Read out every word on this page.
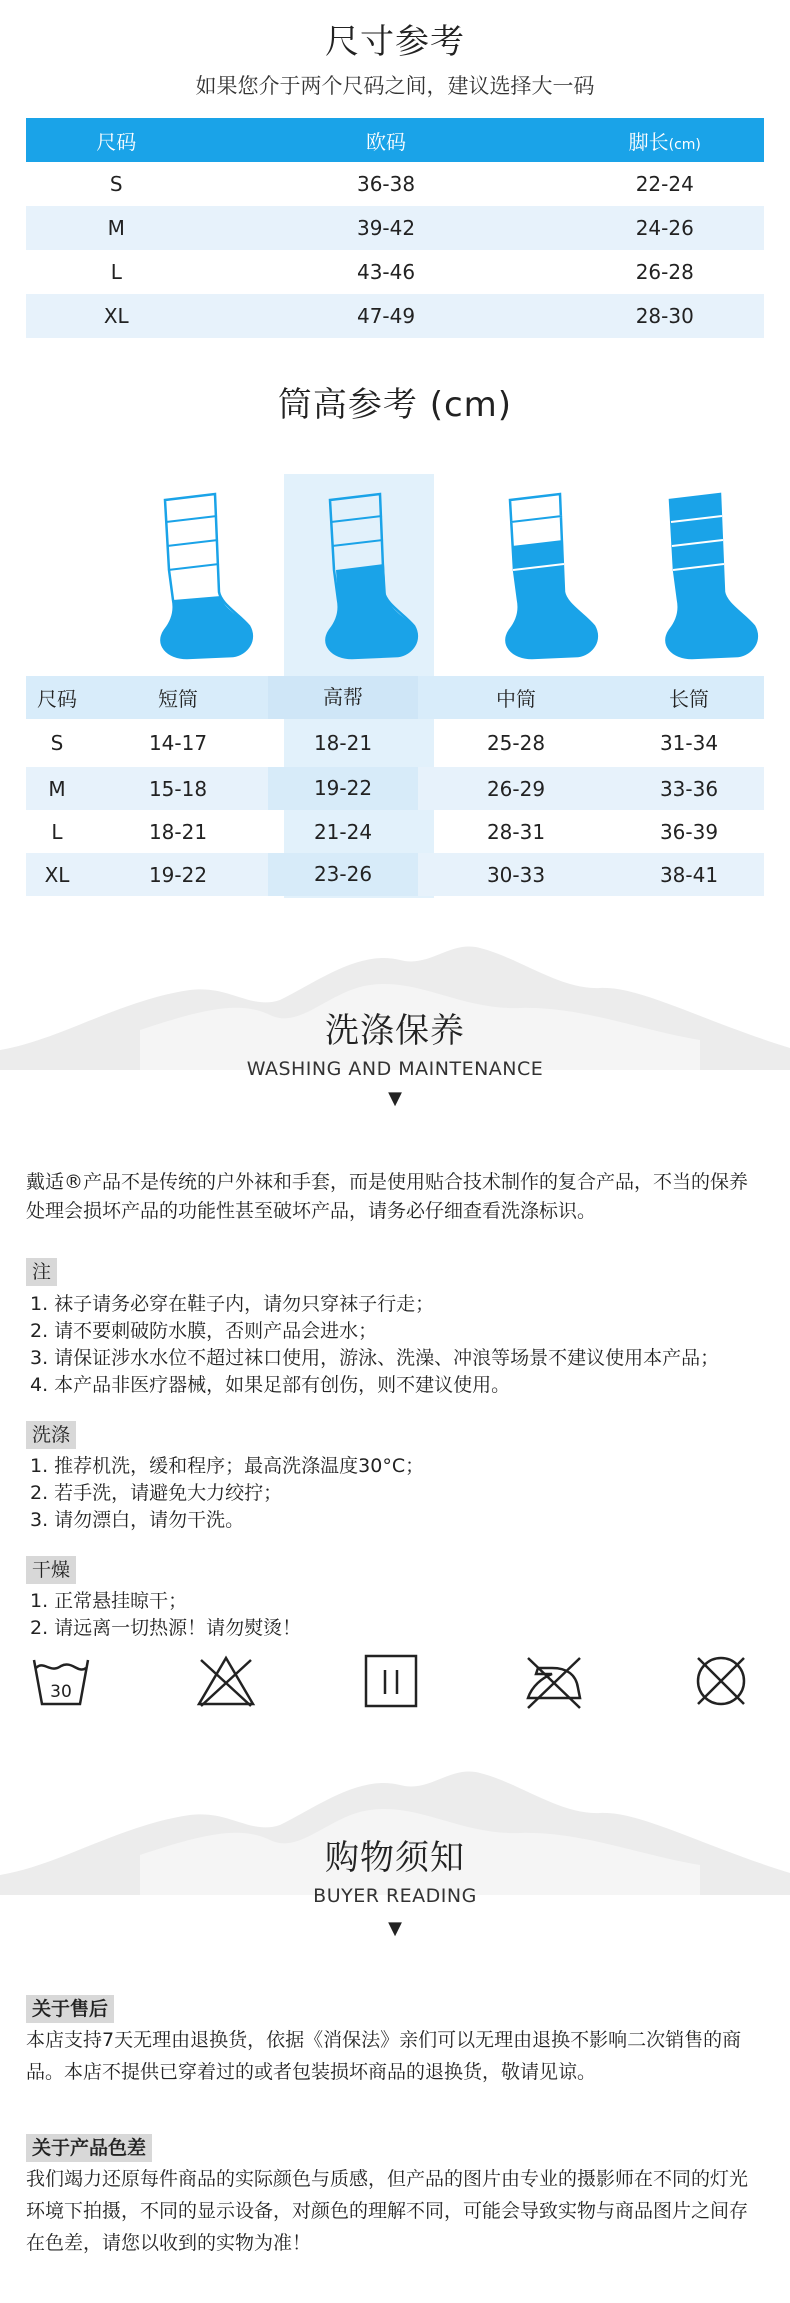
尺寸参考
如果您介于两个尺码之间，建议选择大一码
尺码	欧码	脚长(cm)
S	36-38	22-24
M	39-42	24-26
L	43-46	26-28
XL	47-49	28-30
筒高参考 (cm)
尺码	短筒	高帮	中筒	长筒
S	14-17	18-21	25-28	31-34
M	15-18	19-22	26-29	33-36
L	18-21	21-24	28-31	36-39
XL	19-22	23-26	30-33	38-41
洗涤保养
WASHING AND MAINTENANCE
▼
戴适®产品不是传统的户外袜和手套，而是使用贴合技术制作的复合产品，不当的保养处理会损坏产品的功能性甚至破坏产品，请务必仔细查看洗涤标识。
注
1. 袜子请务必穿在鞋子内，请勿只穿袜子行走；
2. 请不要刺破防水膜，否则产品会进水；
3. 请保证涉水水位不超过袜口使用，游泳、洗澡、冲浪等场景不建议使用本产品；
4. 本产品非医疗器械，如果足部有创伤，则不建议使用。
洗涤
1. 推荐机洗，缓和程序；最高洗涤温度30°C；
2. 若手洗，请避免大力绞拧；
3. 请勿漂白，请勿干洗。
干燥
1. 正常悬挂晾干；
2. 请远离一切热源！请勿熨烫！
30
购物须知
BUYER READING
▼
关于售后
本店支持7天无理由退换货，依据《消保法》亲们可以无理由退换不影响二次销售的商品。本店不提供已穿着过的或者包装损坏商品的退换货，敬请见谅。
关于产品色差
我们竭力还原每件商品的实际颜色与质感，但产品的图片由专业的摄影师在不同的灯光环境下拍摄，不同的显示设备，对颜色的理解不同，可能会导致实物与商品图片之间存在色差，请您以收到的实物为准！
